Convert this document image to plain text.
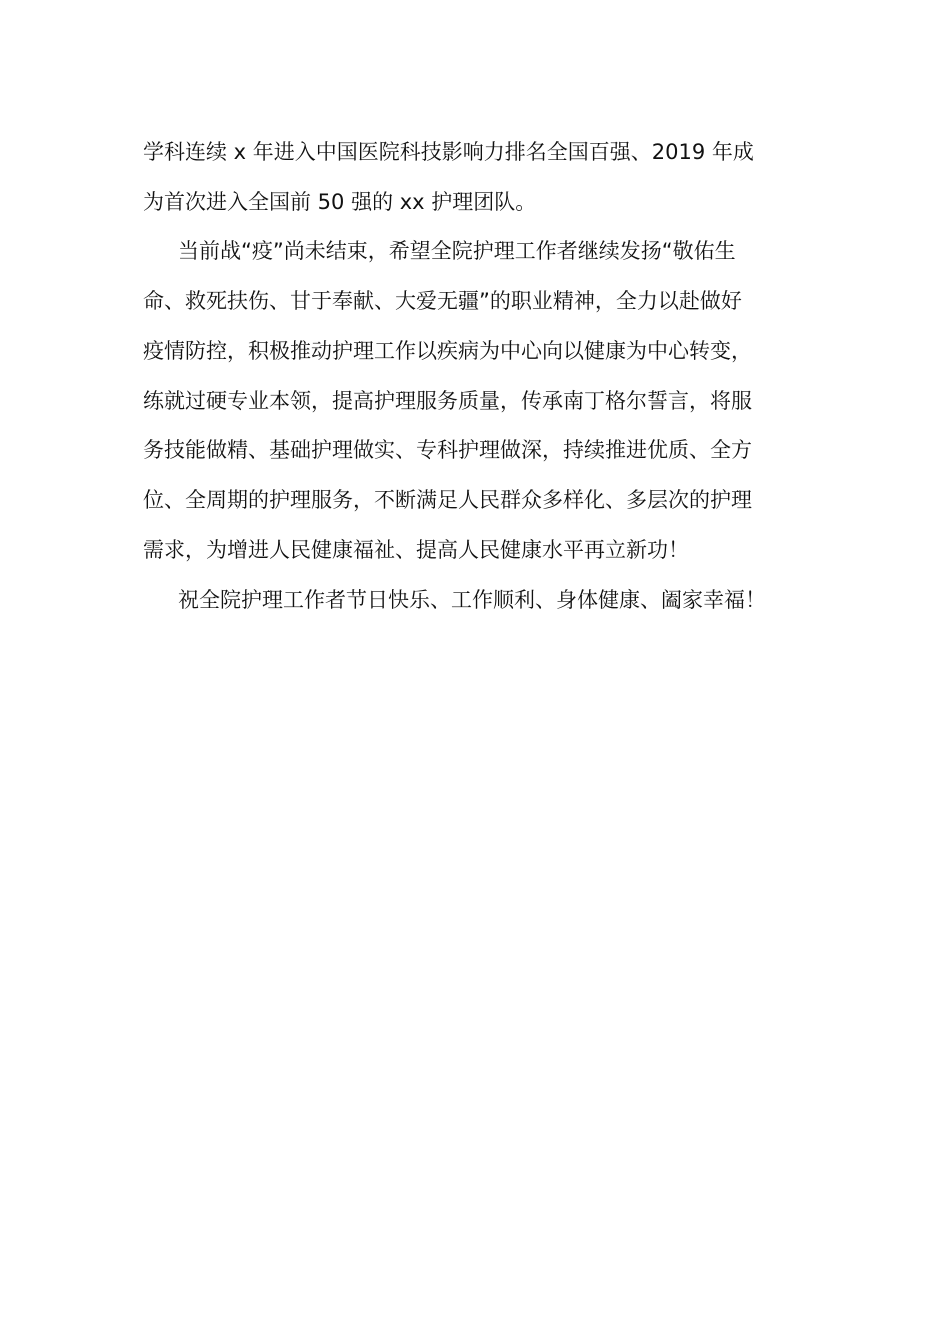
学科连续 x 年进入中国医院科技影响力排名全国百强、2019 年成
为首次进入全国前 50 强的 xx 护理团队。
当前战“疫”尚未结束，希望全院护理工作者继续发扬“敬佑生
命、救死扶伤、甘于奉献、大爱无疆”的职业精神，全力以赴做好
疫情防控，积极推动护理工作以疾病为中心向以健康为中心转变，
练就过硬专业本领，提高护理服务质量，传承南丁格尔誓言，将服
务技能做精、基础护理做实、专科护理做深，持续推进优质、全方
位、全周期的护理服务，不断满足人民群众多样化、多层次的护理
需求，为增进人民健康福祉、提高人民健康水平再立新功！
祝全院护理工作者节日快乐、工作顺利、身体健康、阖家幸福！
